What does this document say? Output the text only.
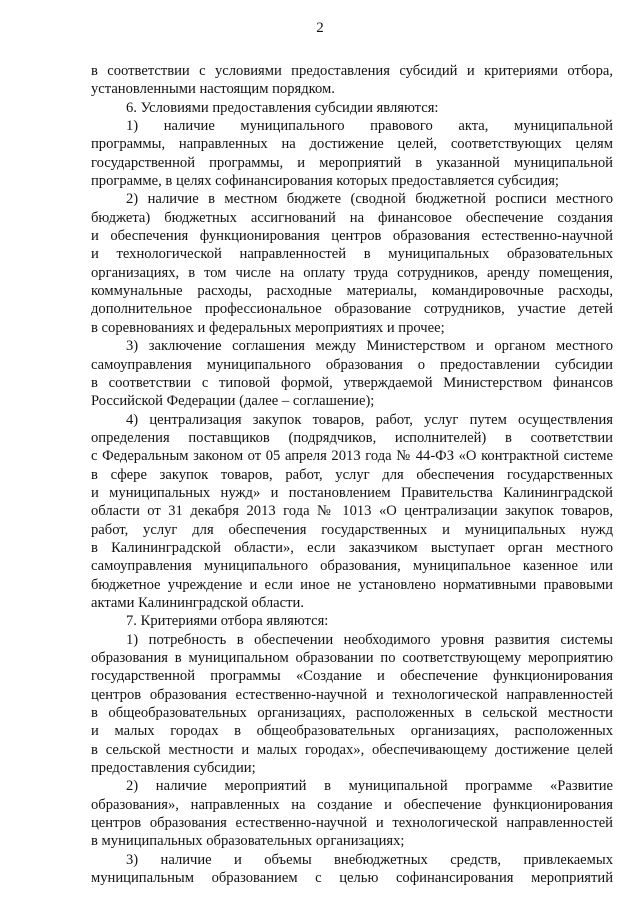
2
в соответствии с условиями предоставления субсидий и критериями отбора,
установленными настоящим порядком.
6. Условиями предоставления субсидии являются:
1) наличие муниципального правового акта, муниципальной
программы, направленных на достижение целей, соответствующих целям
государственной программы, и мероприятий в указанной муниципальной
программе, в целях софинансирования которых предоставляется субсидия;
2) наличие в местном бюджете (сводной бюджетной росписи местного
бюджета) бюджетных ассигнований на финансовое обеспечение создания
и обеспечения функционирования центров образования естественно-научной
и технологической направленностей в муниципальных образовательных
организациях, в том числе на оплату труда сотрудников, аренду помещения,
коммунальные расходы, расходные материалы, командировочные расходы,
дополнительное профессиональное образование сотрудников, участие детей
в соревнованиях и федеральных мероприятиях и прочее;
3) заключение соглашения между Министерством и органом местного
самоуправления муниципального образования о предоставлении субсидии
в соответствии с типовой формой, утверждаемой Министерством финансов
Российской Федерации (далее – соглашение);
4) централизация закупок товаров, работ, услуг путем осуществления
определения поставщиков (подрядчиков, исполнителей) в соответствии
с Федеральным законом от 05 апреля 2013 года № 44-ФЗ «О контрактной системе
в сфере закупок товаров, работ, услуг для обеспечения государственных
и муниципальных нужд» и постановлением Правительства Калининградской
области от 31 декабря 2013 года № 1013 «О централизации закупок товаров,
работ, услуг для обеспечения государственных и муниципальных нужд
в Калининградской области», если заказчиком выступает орган местного
самоуправления муниципального образования, муниципальное казенное или
бюджетное учреждение и если иное не установлено нормативными правовыми
актами Калининградской области.
7. Критериями отбора являются:
1) потребность в обеспечении необходимого уровня развития системы
образования в муниципальном образовании по соответствующему мероприятию
государственной программы «Создание и обеспечение функционирования
центров образования естественно-научной и технологической направленностей
в общеобразовательных организациях, расположенных в сельской местности
и малых городах в общеобразовательных организациях, расположенных
в сельской местности и малых городах», обеспечивающему достижение целей
предоставления субсидии;
2) наличие мероприятий в муниципальной программе «Развитие
образования», направленных на создание и обеспечение функционирования
центров образования естественно-научной и технологической направленностей
в муниципальных образовательных организациях;
3) наличие и объемы внебюджетных средств, привлекаемых
муниципальным образованием с целью софинансирования мероприятий
